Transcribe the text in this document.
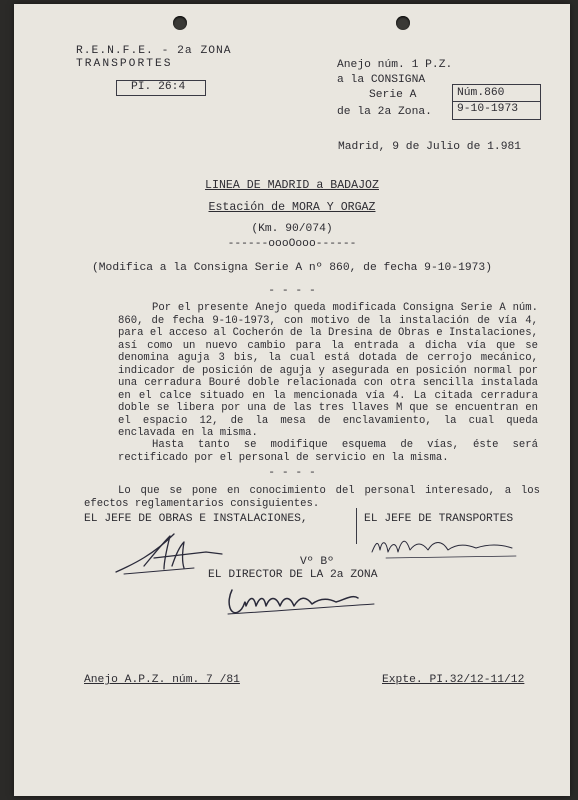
R.E.N.F.E. - 2a ZONA
TRANSPORTES
PI. 26:4
Anejo núm. 1 P.Z.
a la CONSIGNA
Serie A
de la 2a Zona.
Núm.860
9-10-1973
Madrid, 9 de Julio de 1.981
LINEA DE MADRID a BADAJOZ
Estación de MORA Y ORGAZ
(Km. 90/074)
------oooOooo------
(Modifica a la Consigna Serie A nº 860, de fecha 9-10-1973)
- - - -
Por el presente Anejo queda modificada Consigna Serie A núm. 860, de fecha 9-10-1973, con motivo de la instalación de vía 4, para el acceso al Cocherón de la Dresina de Obras e Instalaciones, así como un nuevo cambio para la entrada a dicha vía que se denomina aguja 3 bis, la cual está dotada de cerrojo mecánico, indicador de posición de aguja y asegurada en posición normal por una cerradura Bouré doble relacionada con otra sencilla instalada en el calce situado en la mencionada vía 4. La citada cerradura doble se libera por una de las tres llaves M que se encuentran en el espacio 12, de la mesa de enclavamiento, la cual queda enclavada en la misma.
Hasta tanto se modifique esquema de vías, éste será rectificado por el personal de servicio en la misma.
- - - -
Lo que se pone en conocimiento del personal interesado, a los efectos reglamentarios consiguientes.
EL JEFE DE OBRAS E INSTALACIONES,	EL JEFE DE TRANSPORTES
Vº Bº
EL DIRECTOR DE LA 2a ZONA
Anejo A.P.Z. núm. 7 /81	Expte. PI.32/12-11/12
